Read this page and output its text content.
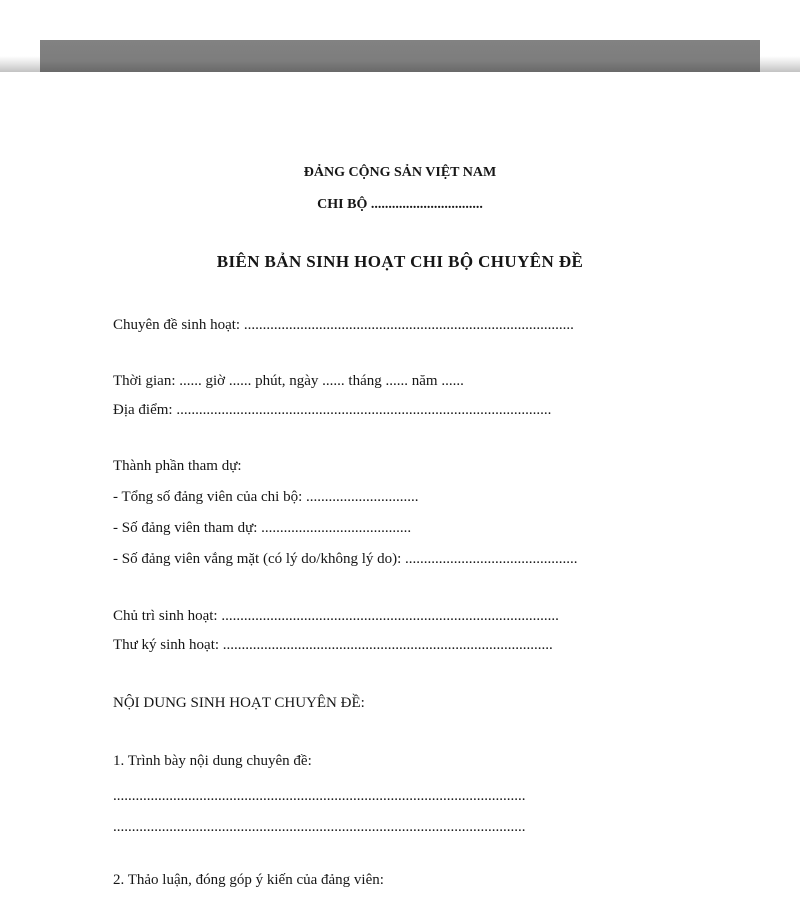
ĐẢNG CỘNG SẢN VIỆT NAM
CHI BỘ ................................
BIÊN BẢN SINH HOẠT CHI BỘ CHUYÊN ĐỀ
Chuyên đề sinh hoạt: ........................................................................................
Thời gian: ...... giờ ...... phút, ngày ...... tháng ...... năm ......
Địa điểm: ....................................................................................................
Thành phần tham dự:
- Tổng số đảng viên của chi bộ: ..............................
- Số đảng viên tham dự: ........................................
- Số đảng viên vắng mặt (có lý do/không lý do): ..............................................
Chủ trì sinh hoạt: ..........................................................................................
Thư ký sinh hoạt: ........................................................................................
NỘI DUNG SINH HOẠT CHUYÊN ĐỀ:
1. Trình bày nội dung chuyên đề:
..............................................................................................................
..............................................................................................................
2. Thảo luận, đóng góp ý kiến của đảng viên:
